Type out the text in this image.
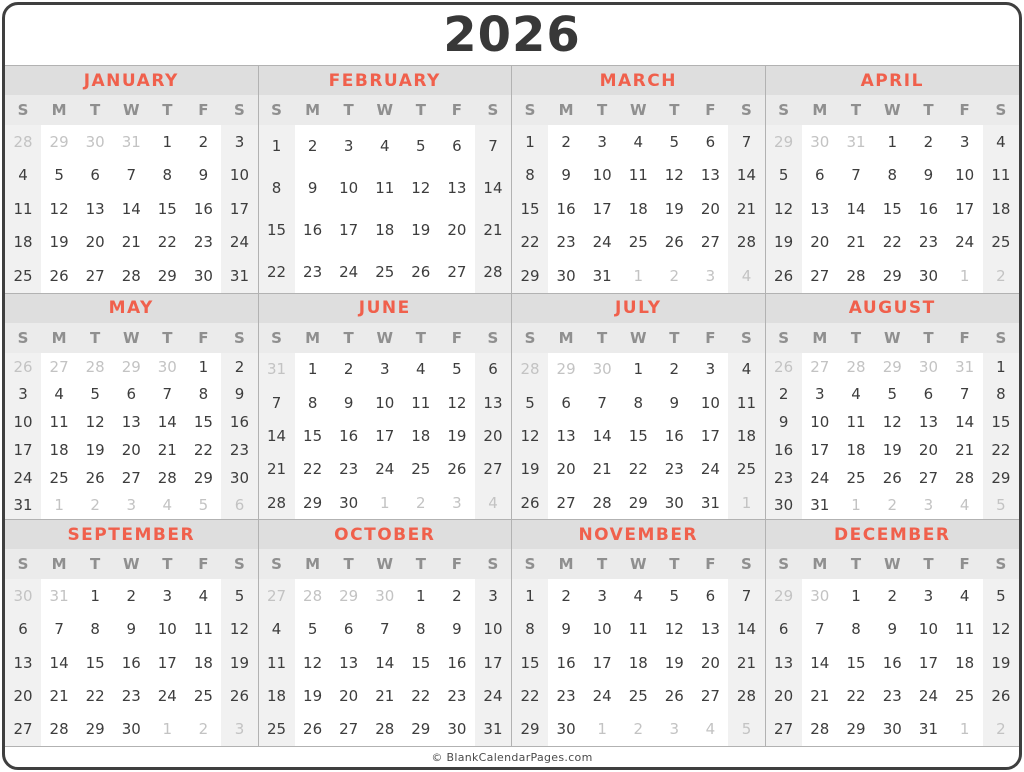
2026
JANUARY
S	M	T	W	T	F	S
28	29	30	31	1	2	3
4	5	6	7	8	9	10
11	12	13	14	15	16	17
18	19	20	21	22	23	24
25	26	27	28	29	30	31
FEBRUARY
S	M	T	W	T	F	S
1	2	3	4	5	6	7
8	9	10	11	12	13	14
15	16	17	18	19	20	21
22	23	24	25	26	27	28
MARCH
S	M	T	W	T	F	S
1	2	3	4	5	6	7
8	9	10	11	12	13	14
15	16	17	18	19	20	21
22	23	24	25	26	27	28
29	30	31	1	2	3	4
APRIL
S	M	T	W	T	F	S
29	30	31	1	2	3	4
5	6	7	8	9	10	11
12	13	14	15	16	17	18
19	20	21	22	23	24	25
26	27	28	29	30	1	2
MAY
S	M	T	W	T	F	S
26	27	28	29	30	1	2
3	4	5	6	7	8	9
10	11	12	13	14	15	16
17	18	19	20	21	22	23
24	25	26	27	28	29	30
31	1	2	3	4	5	6
JUNE
S	M	T	W	T	F	S
31	1	2	3	4	5	6
7	8	9	10	11	12	13
14	15	16	17	18	19	20
21	22	23	24	25	26	27
28	29	30	1	2	3	4
JULY
S	M	T	W	T	F	S
28	29	30	1	2	3	4
5	6	7	8	9	10	11
12	13	14	15	16	17	18
19	20	21	22	23	24	25
26	27	28	29	30	31	1
AUGUST
S	M	T	W	T	F	S
26	27	28	29	30	31	1
2	3	4	5	6	7	8
9	10	11	12	13	14	15
16	17	18	19	20	21	22
23	24	25	26	27	28	29
30	31	1	2	3	4	5
SEPTEMBER
S	M	T	W	T	F	S
30	31	1	2	3	4	5
6	7	8	9	10	11	12
13	14	15	16	17	18	19
20	21	22	23	24	25	26
27	28	29	30	1	2	3
OCTOBER
S	M	T	W	T	F	S
27	28	29	30	1	2	3
4	5	6	7	8	9	10
11	12	13	14	15	16	17
18	19	20	21	22	23	24
25	26	27	28	29	30	31
NOVEMBER
S	M	T	W	T	F	S
1	2	3	4	5	6	7
8	9	10	11	12	13	14
15	16	17	18	19	20	21
22	23	24	25	26	27	28
29	30	1	2	3	4	5
DECEMBER
S	M	T	W	T	F	S
29	30	1	2	3	4	5
6	7	8	9	10	11	12
13	14	15	16	17	18	19
20	21	22	23	24	25	26
27	28	29	30	31	1	2
© BlankCalendarPages.com
